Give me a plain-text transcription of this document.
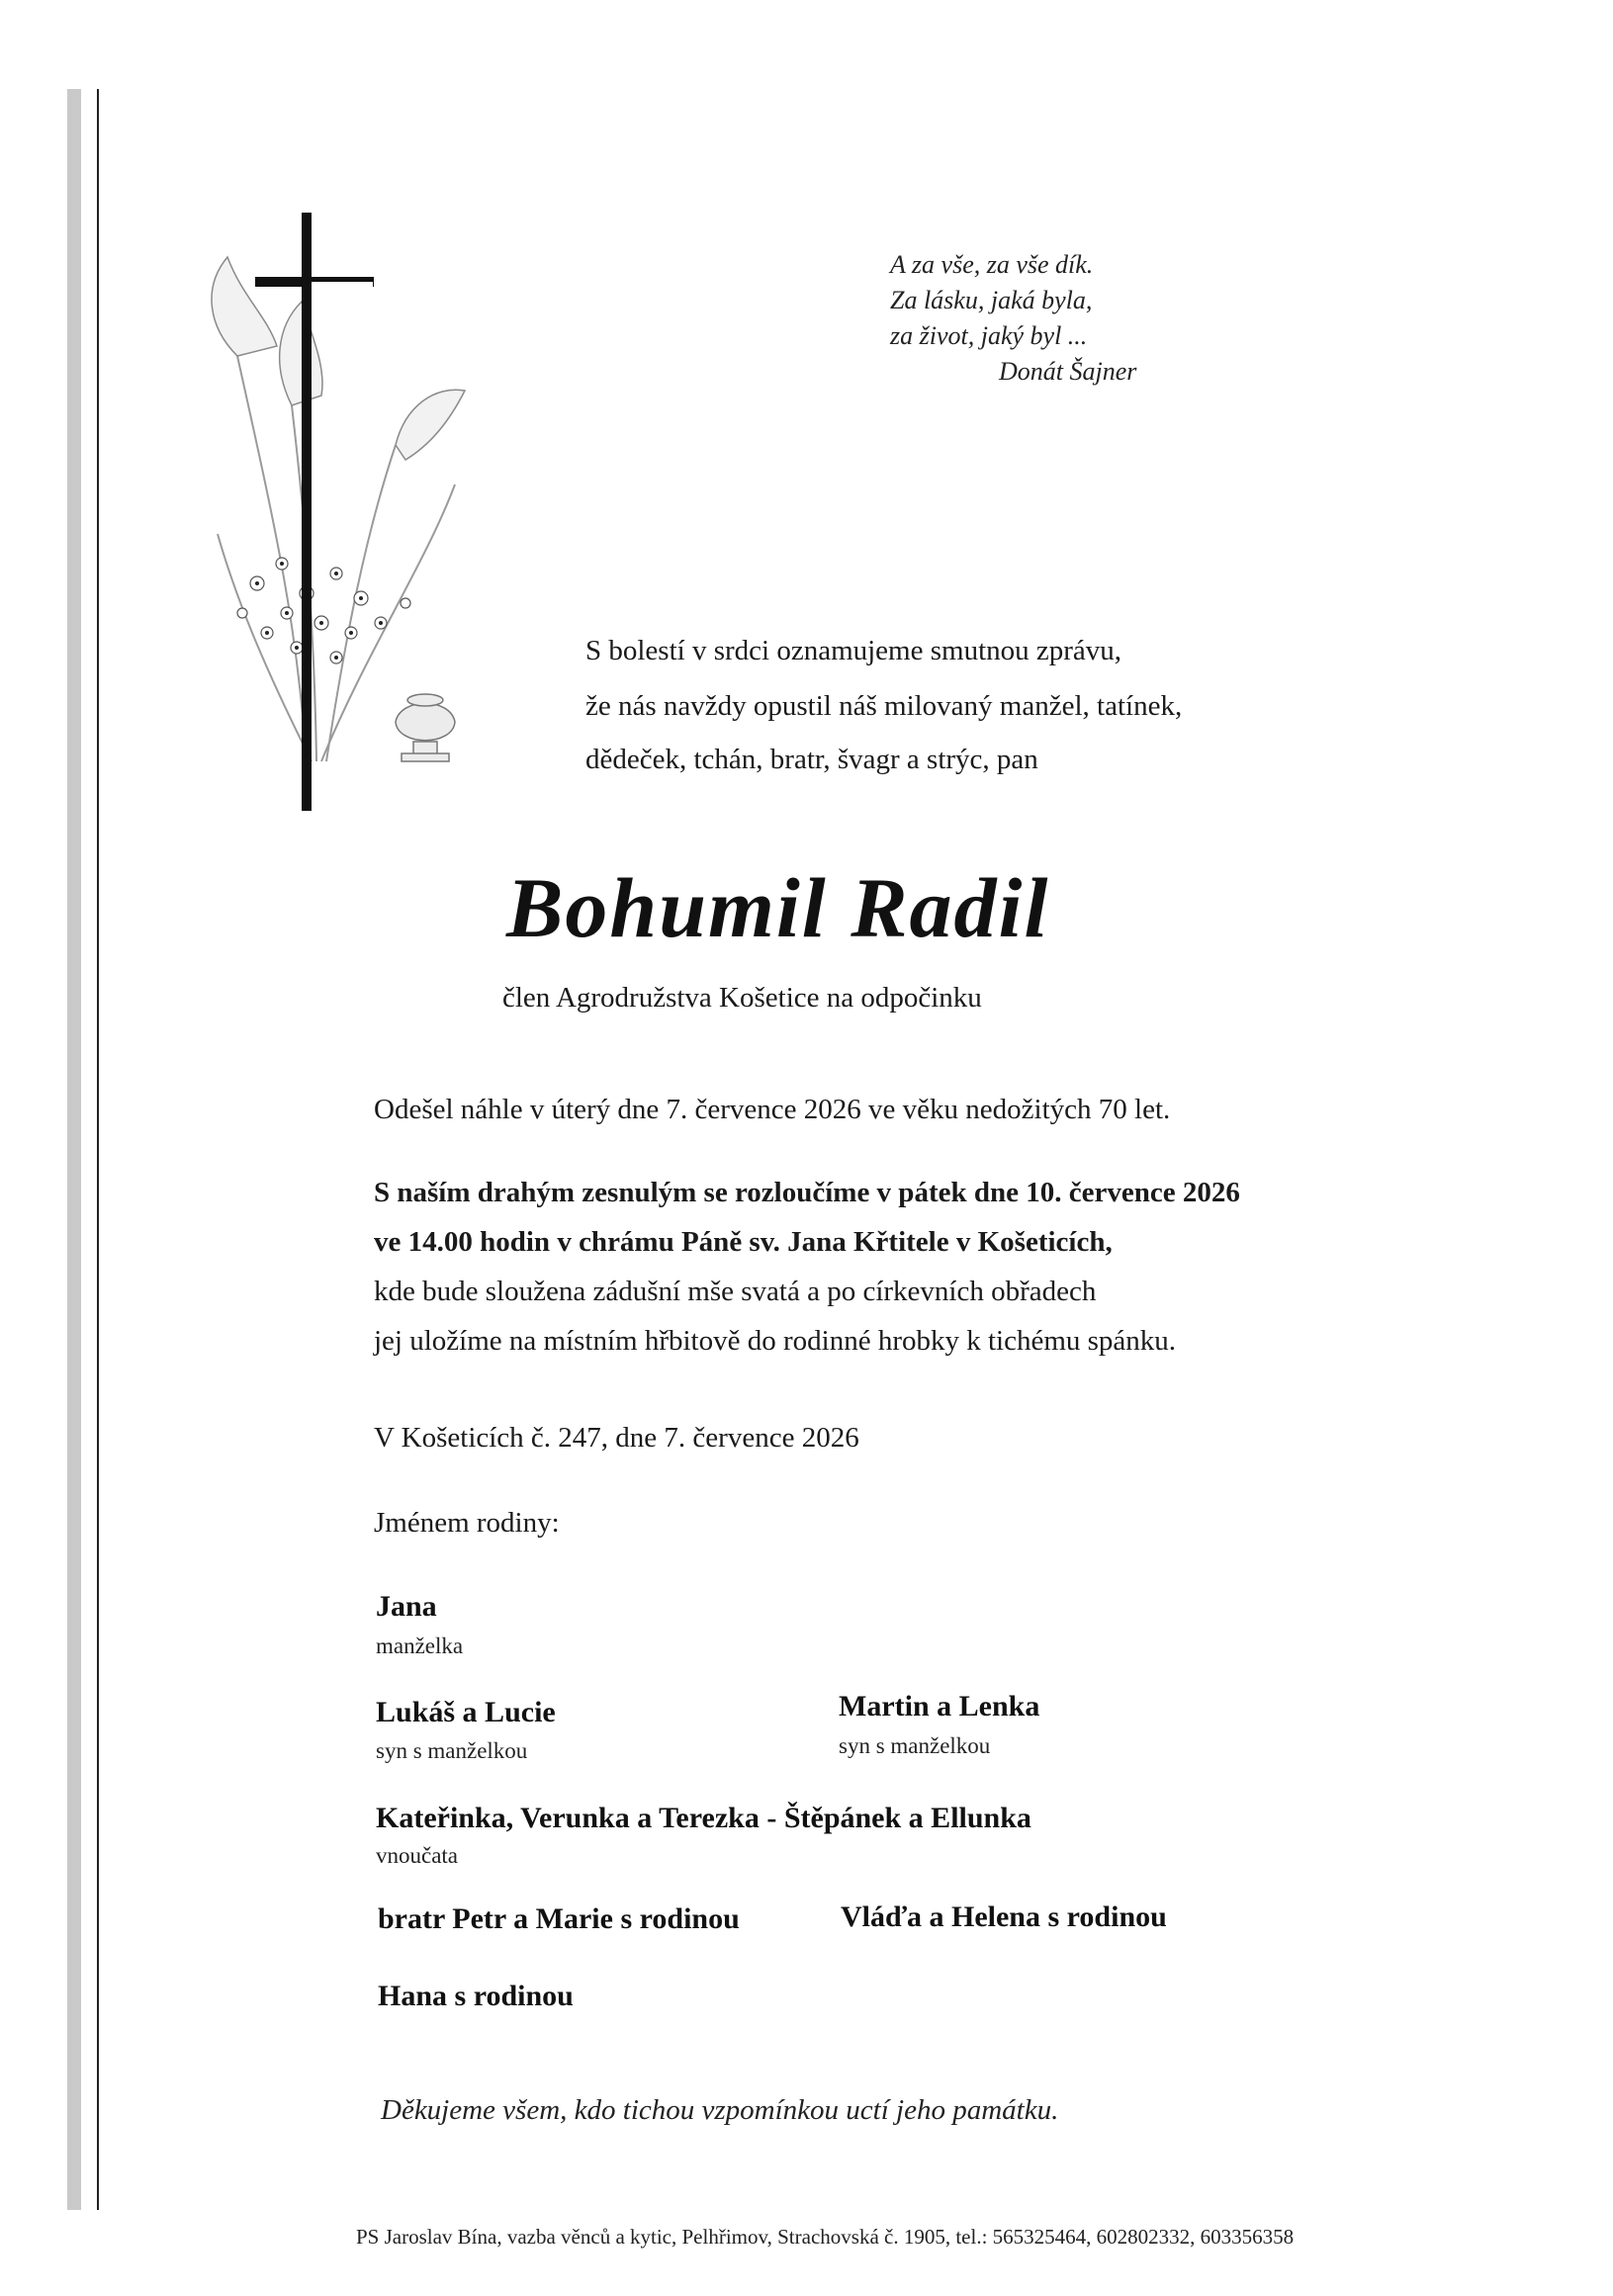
A za vše, za vše dík.
Za lásku, jaká byla,
za život, jaký byl ...
Donát Šajner
S bolestí v srdci oznamujeme smutnou zprávu,
že nás navždy opustil náš milovaný manžel, tatínek,
dědeček, tchán, bratr, švagr a strýc, pan
Bohumil Radil
člen Agrodružstva Košetice na odpočinku
Odešel náhle v úterý dne 7. července 2026 ve věku nedožitých 70 let.
S naším drahým zesnulým se rozloučíme v pátek dne 10. července 2026
ve 14.00 hodin v chrámu Páně sv. Jana Křtitele v Košeticích,
kde bude sloužena zádušní mše svatá a po církevních obřadech
jej uložíme na místním hřbitově do rodinné hrobky k tichému spánku.
V Košeticích č. 247, dne 7. července 2026
Jménem rodiny:
Jana
manželka
Lukáš a Lucie
syn s manželkou
Martin a Lenka
syn s manželkou
Kateřinka, Verunka a Terezka - Štěpánek a Ellunka
vnoučata
bratr Petr a Marie s rodinou	Vláďa a Helena s rodinou
Hana s rodinou
Děkujeme všem, kdo tichou vzpomínkou uctí jeho památku.
PS Jaroslav Bína, vazba věnců a kytic, Pelhřimov, Strachovská č. 1905, tel.: 565325464, 602802332, 603356358
